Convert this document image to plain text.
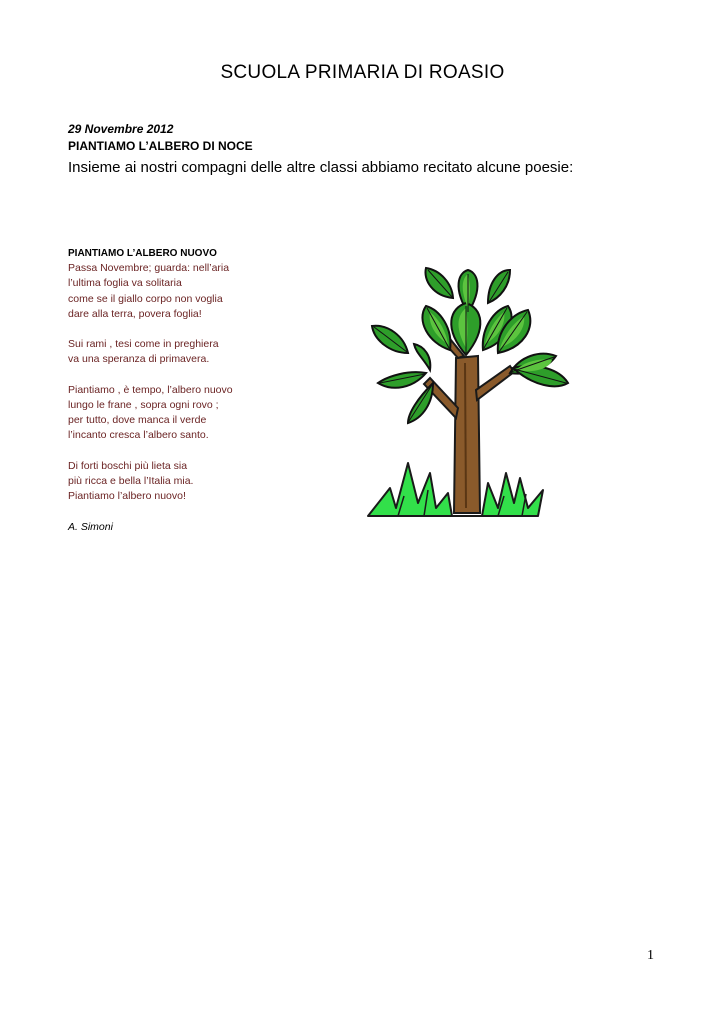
SCUOLA PRIMARIA DI ROASIO
29 Novembre 2012
PIANTIAMO L’ALBERO DI NOCE
Insieme ai nostri compagni delle altre classi abbiamo recitato alcune poesie:
PIANTIAMO L’ALBERO NUOVO
Passa Novembre; guarda: nell’aria
l’ultima foglia va solitaria
come se il giallo corpo non voglia
dare alla terra, povera foglia!
Sui rami , tesi come in preghiera
va una speranza di primavera.
Piantiamo , è tempo, l’albero nuovo
lungo le frane , sopra ogni rovo ;
per tutto, dove manca il verde
l’incanto cresca l’albero santo.
Di forti boschi più lieta sia
più ricca e bella l’Italia mia.
Piantiamo l’albero nuovo!
A. Simoni
1
